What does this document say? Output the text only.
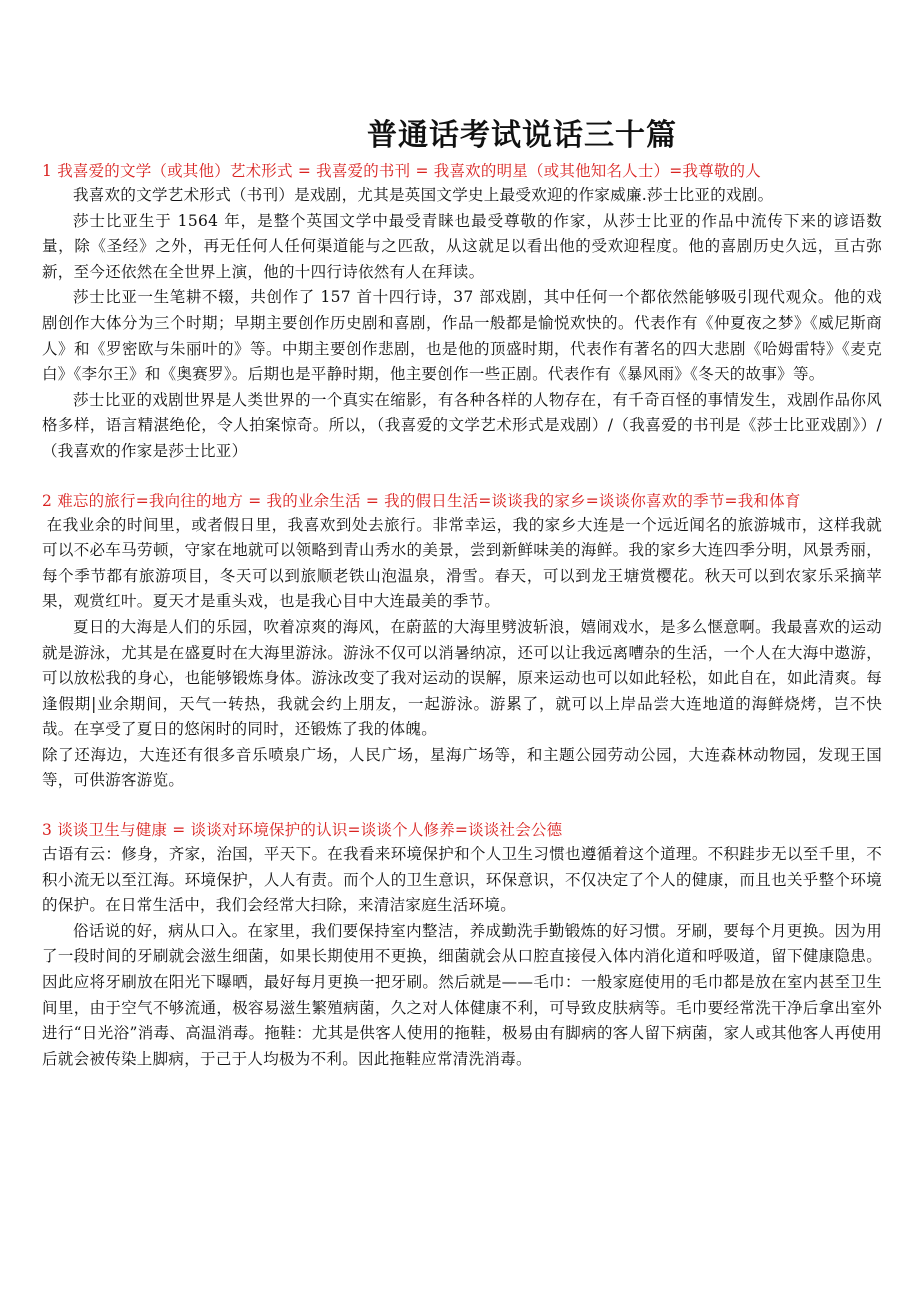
普通话考试说话三十篇
1 我喜爱的文学（或其他）艺术形式 = 我喜爱的书刊 = 我喜欢的明星（或其他知名人士）=我尊敬的人

我喜欢的文学艺术形式（书刊）是戏剧，尤其是英国文学史上最受欢迎的作家威廉.莎士比亚的戏剧。

莎士比亚生于 1564 年，是整个英国文学中最受青睐也最受尊敬的作家，从莎士比亚的作品中流传下来的谚语数量，除《圣经》之外，再无任何人任何渠道能与之匹敌，从这就足以看出他的受欢迎程度。他的喜剧历史久远，亘古弥新，至今还依然在全世界上演，他的十四行诗依然有人在拜读。

莎士比亚一生笔耕不辍，共创作了 157 首十四行诗，37 部戏剧，其中任何一个都依然能够吸引现代观众。他的戏剧创作大体分为三个时期；早期主要创作历史剧和喜剧，作品一般都是愉悦欢快的。代表作有《仲夏夜之梦》《威尼斯商人》和《罗密欧与朱丽叶的》等。中期主要创作悲剧，也是他的顶盛时期，代表作有著名的四大悲剧《哈姆雷特》《麦克白》《李尔王》和《奥赛罗》。后期也是平静时期，他主要创作一些正剧。代表作有《暴风雨》《冬天的故事》等。

莎士比亚的戏剧世界是人类世界的一个真实在缩影，有各种各样的人物存在，有千奇百怪的事情发生，戏剧作品你风格多样，语言精湛绝伦，令人拍案惊奇。所以，（我喜爱的文学艺术形式是戏剧）/（我喜爱的书刊是《莎士比亚戏剧》）/（我喜欢的作家是莎士比亚）

2 难忘的旅行=我向往的地方 = 我的业余生活 = 我的假日生活=谈谈我的家乡=谈谈你喜欢的季节=我和体育

在我业余的时间里，或者假日里，我喜欢到处去旅行。非常幸运，我的家乡大连是一个远近闻名的旅游城市，这样我就可以不必车马劳顿，守家在地就可以领略到青山秀水的美景，尝到新鲜味美的海鲜。我的家乡大连四季分明，风景秀丽，每个季节都有旅游项目，冬天可以到旅顺老铁山泡温泉，滑雪。春天，可以到龙王塘赏樱花。秋天可以到农家乐采摘苹果，观赏红叶。夏天才是重头戏，也是我心目中大连最美的季节。

夏日的大海是人们的乐园，吹着凉爽的海风，在蔚蓝的大海里劈波斩浪，嬉闹戏水，是多么惬意啊。我最喜欢的运动就是游泳，尤其是在盛夏时在大海里游泳。游泳不仅可以消暑纳凉，还可以让我远离嘈杂的生活，一个人在大海中遨游，可以放松我的身心，也能够锻炼身体。游泳改变了我对运动的误解，原来运动也可以如此轻松，如此自在，如此清爽。每逢假期|业余期间，天气一转热，我就会约上朋友，一起游泳。游累了，就可以上岸品尝大连地道的海鲜烧烤，岂不快哉。在享受了夏日的悠闲时的同时，还锻炼了我的体魄。

除了还海边，大连还有很多音乐喷泉广场，人民广场，星海广场等，和主题公园劳动公园，大连森林动物园，发现王国等，可供游客游览。

3 谈谈卫生与健康 = 谈谈对环境保护的认识=谈谈个人修养=谈谈社会公德

古语有云：修身，齐家，治国，平天下。在我看来环境保护和个人卫生习惯也遵循着这个道理。不积跬步无以至千里，不积小流无以至江海。环境保护，人人有责。而个人的卫生意识，环保意识，不仅决定了个人的健康，而且也关乎整个环境的保护。在日常生活中，我们会经常大扫除，来清洁家庭生活环境。

俗话说的好，病从口入。在家里，我们要保持室内整洁，养成勤洗手勤锻炼的好习惯。牙刷，要每个月更换。因为用了一段时间的牙刷就会滋生细菌，如果长期使用不更换，细菌就会从口腔直接侵入体内消化道和呼吸道，留下健康隐患。因此应将牙刷放在阳光下曝晒，最好每月更换一把牙刷。然后就是——毛巾：一般家庭使用的毛巾都是放在室内甚至卫生间里，由于空气不够流通，极容易滋生繁殖病菌，久之对人体健康不利，可导致皮肤病等。毛巾要经常洗干净后拿出室外进行“日光浴”消毒、高温消毒。拖鞋：尤其是供客人使用的拖鞋，极易由有脚病的客人留下病菌，家人或其他客人再使用后就会被传染上脚病，于己于人均极为不利。因此拖鞋应常清洗消毒。
